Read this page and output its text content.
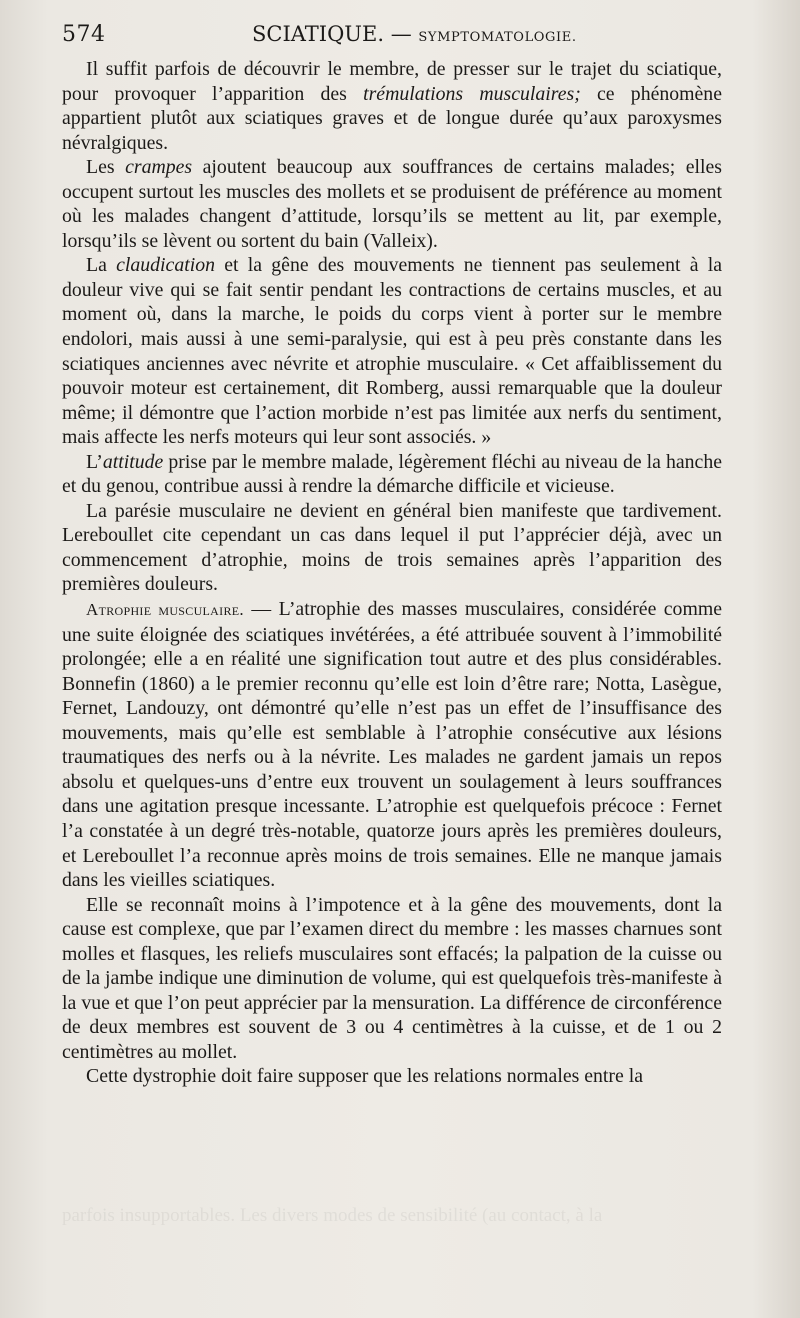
574	SCIATIQUE. — SYMPTOMATOLOGIE.

Il suffit parfois de découvrir le membre, de presser sur le trajet du sciatique, pour provoquer l’apparition des trémulations musculaires; ce phénomène appartient plutôt aux sciatiques graves et de longue durée qu’aux paroxysmes névralgiques.

Les crampes ajoutent beaucoup aux souffrances de certains malades; elles occupent surtout les muscles des mollets et se produisent de préférence au moment où les malades changent d’attitude, lorsqu’ils se mettent au lit, par exemple, lorsqu’ils se lèvent ou sortent du bain (Valleix).

La claudication et la gêne des mouvements ne tiennent pas seulement à la douleur vive qui se fait sentir pendant les contractions de certains muscles, et au moment où, dans la marche, le poids du corps vient à porter sur le membre endolori, mais aussi à une semi-paralysie, qui est à peu près constante dans les sciatiques anciennes avec névrite et atrophie musculaire. « Cet affaiblissement du pouvoir moteur est certainement, dit Romberg, aussi remarquable que la douleur même; il démontre que l’action morbide n’est pas limitée aux nerfs du sentiment, mais affecte les nerfs moteurs qui leur sont associés. »

L’attitude prise par le membre malade, légèrement fléchi au niveau de la hanche et du genou, contribue aussi à rendre la démarche difficile et vicieuse.

La parésie musculaire ne devient en général bien manifeste que tardivement. Lereboullet cite cependant un cas dans lequel il put l’apprécier déjà, avec un commencement d’atrophie, moins de trois semaines après l’apparition des premières douleurs.

Atrophie musculaire. — L’atrophie des masses musculaires, considérée comme une suite éloignée des sciatiques invétérées, a été attribuée souvent à l’immobilité prolongée; elle a en réalité une signification tout autre et des plus considérables. Bonnefin (1860) a le premier reconnu qu’elle est loin d’être rare; Notta, Lasègue, Fernet, Landouzy, ont démontré qu’elle n’est pas un effet de l’insuffisance des mouvements, mais qu’elle est semblable à l’atrophie consécutive aux lésions traumatiques des nerfs ou à la névrite. Les malades ne gardent jamais un repos absolu et quelques-uns d’entre eux trouvent un soulagement à leurs souffrances dans une agitation presque incessante. L’atrophie est quelquefois précoce : Fernet l’a constatée à un degré très-notable, quatorze jours après les premières douleurs, et Lereboullet l’a reconnue après moins de trois semaines. Elle ne manque jamais dans les vieilles sciatiques.

Elle se reconnaît moins à l’impotence et à la gêne des mouvements, dont la cause est complexe, que par l’examen direct du membre : les masses charnues sont molles et flasques, les reliefs musculaires sont effacés; la palpation de la cuisse ou de la jambe indique une diminution de volume, qui est quelquefois très-manifeste à la vue et que l’on peut apprécier par la mensuration. La différence de circonférence de deux membres est souvent de 3 ou 4 centimètres à la cuisse, et de 1 ou 2 centimètres au mollet.

Cette dystrophie doit faire supposer que les relations normales entre la

parfois insupportables. Les divers modes de sensibilité (au contact, à la
